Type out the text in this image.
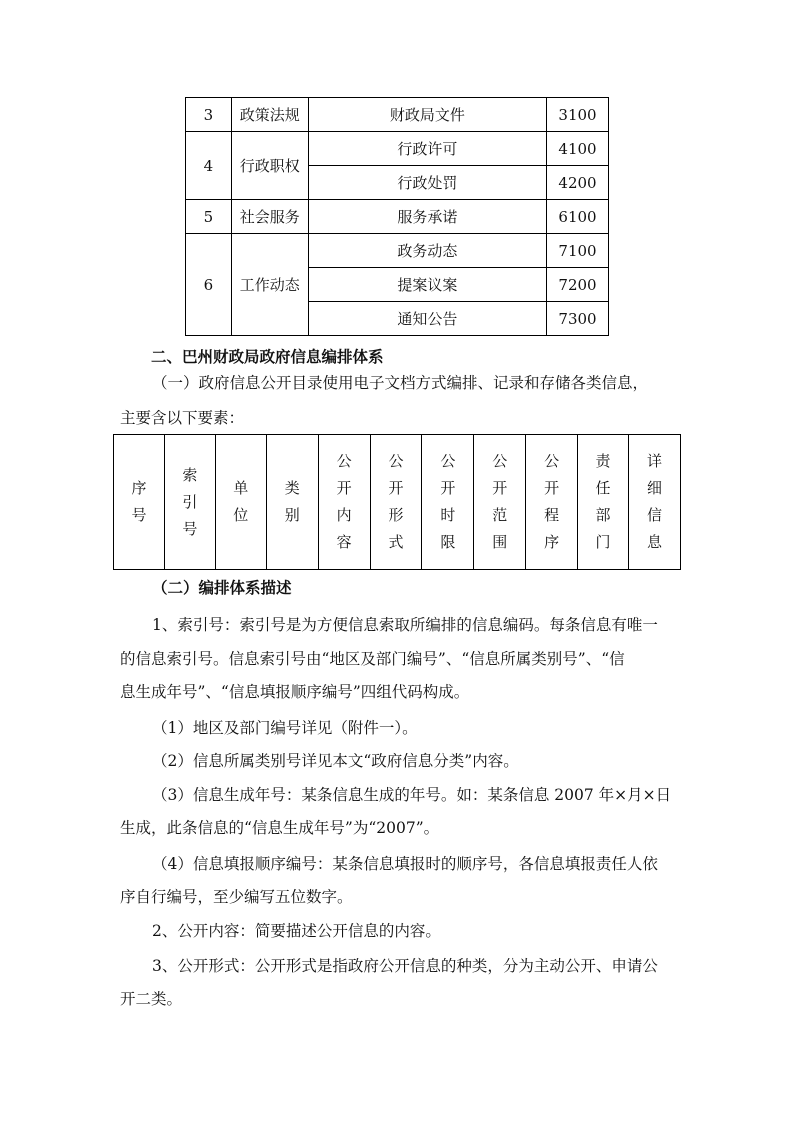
3	政策法规	财政局文件	3100
4	行政职权	行政许可	4100
		行政处罚	4200
5	社会服务	服务承诺	6100
6	工作动态	政务动态	7100
		提案议案	7200
		通知公告	7300
二、巴州财政局政府信息编排体系
（一）政府信息公开目录使用电子文档方式编排、记录和存储各类信息，
主要含以下要素：
序号	索引号	单位	类别	公开内容	公开形式	公开时限	公开范围	公开程序	责任部门	详细信息
（二）编排体系描述
1、索引号：索引号是为方便信息索取所编排的信息编码。每条信息有唯一
的信息索引号。信息索引号由“地区及部门编号”、“信息所属类别号”、“信
息生成年号”、“信息填报顺序编号”四组代码构成。
（1）地区及部门编号详见（附件一）。
（2）信息所属类别号详见本文“政府信息分类”内容。
（3）信息生成年号：某条信息生成的年号。如：某条信息 2007 年×月×日
生成，此条信息的“信息生成年号”为“2007”。
（4）信息填报顺序编号：某条信息填报时的顺序号，各信息填报责任人依
序自行编号，至少编写五位数字。
2、公开内容：简要描述公开信息的内容。
3、公开形式：公开形式是指政府公开信息的种类，分为主动公开、申请公
开二类。
